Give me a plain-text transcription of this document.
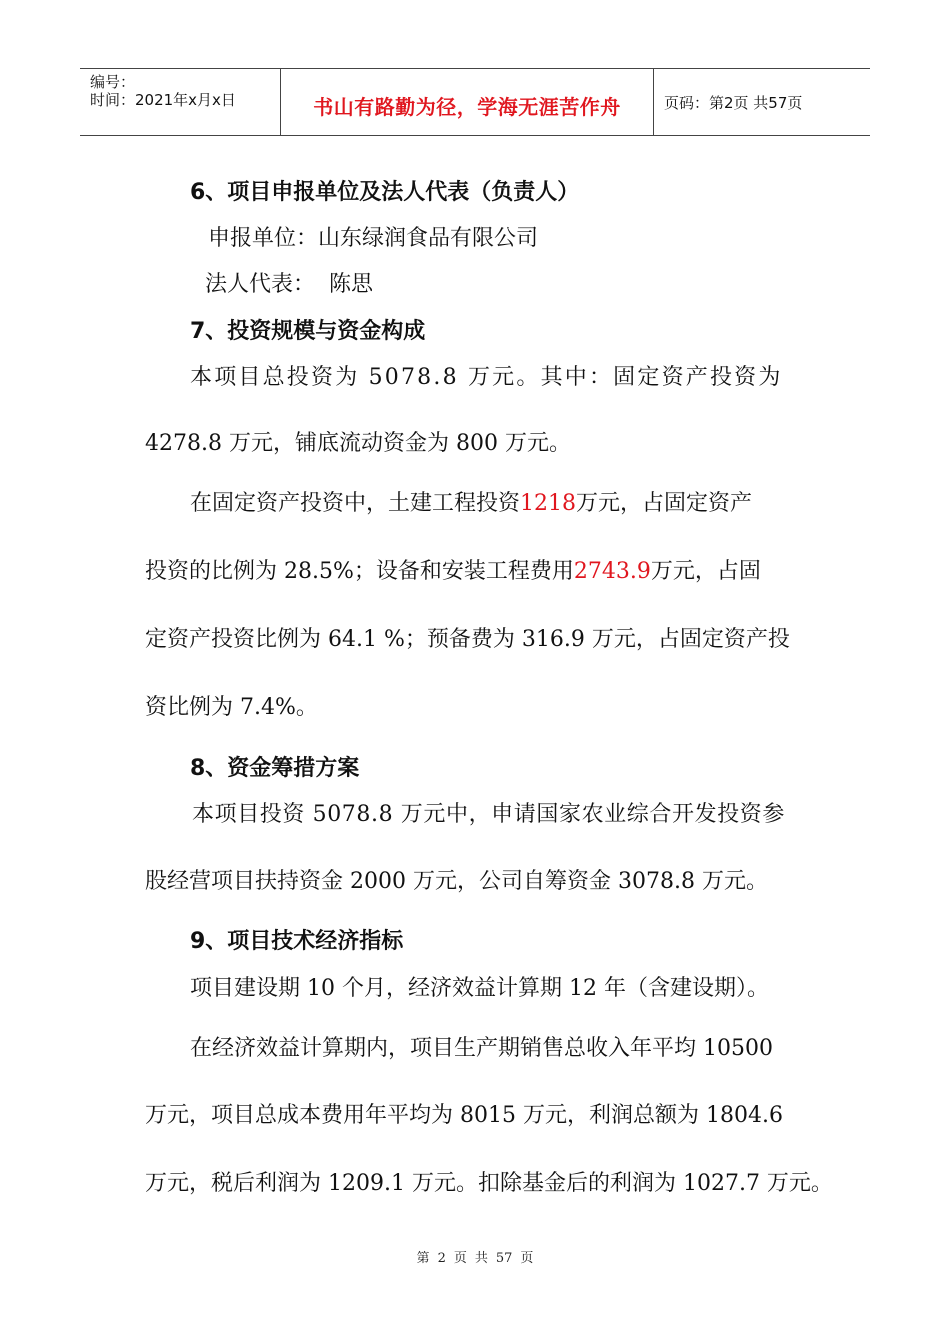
编号：
时间：2021年x月x日	书山有路勤为径，学海无涯苦作舟	页码：第2页 共57页
6、项目申报单位及法人代表（负责人）
申报单位：山东绿润食品有限公司
法人代表： 陈思
7、投资规模与资金构成
本项目总投资为 5078.8 万元。其中：固定资产投资为
4278.8 万元，铺底流动资金为 800 万元。
在固定资产投资中，土建工程投资1218万元，占固定资产
投资的比例为 28.5%；设备和安装工程费用2743.9万元，占固
定资产投资比例为 64.1 %；预备费为 316.9 万元，占固定资产投
资比例为 7.4%。
8、资金筹措方案
本项目投资 5078.8 万元中，申请国家农业综合开发投资参
股经营项目扶持资金 2000 万元，公司自筹资金 3078.8 万元。
9、项目技术经济指标
项目建设期 10 个月，经济效益计算期 12 年（含建设期）。
在经济效益计算期内，项目生产期销售总收入年平均 10500
万元，项目总成本费用年平均为 8015 万元，利润总额为 1804.6
万元，税后利润为 1209.1 万元。扣除基金后的利润为 1027.7 万元。
第 2 页 共 57 页
